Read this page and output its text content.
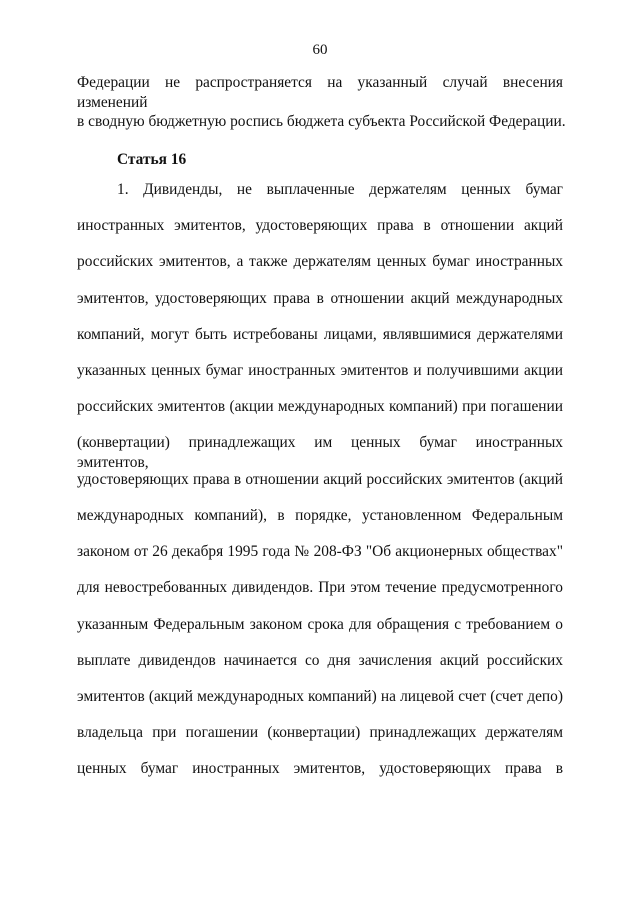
60
Федерации не распространяется на указанный случай внесения изменений
в сводную бюджетную роспись бюджета субъекта Российской Федерации.
Статья 16
1. Дивиденды, не выплаченные держателям ценных бумаг
иностранных эмитентов, удостоверяющих права в отношении акций
российских эмитентов, а также держателям ценных бумаг иностранных
эмитентов, удостоверяющих права в отношении акций международных
компаний, могут быть истребованы лицами, являвшимися держателями
указанных ценных бумаг иностранных эмитентов и получившими акции
российских эмитентов (акции международных компаний) при погашении
(конвертации) принадлежащих им ценных бумаг иностранных эмитентов,
удостоверяющих права в отношении акций российских эмитентов (акций
международных компаний), в порядке, установленном Федеральным
законом от 26 декабря 1995 года № 208-ФЗ "Об акционерных обществах"
для невостребованных дивидендов. При этом течение предусмотренного
указанным Федеральным законом срока для обращения с требованием о
выплате дивидендов начинается со дня зачисления акций российских
эмитентов (акций международных компаний) на лицевой счет (счет депо)
владельца при погашении (конвертации) принадлежащих держателям
ценных бумаг иностранных эмитентов, удостоверяющих права в
